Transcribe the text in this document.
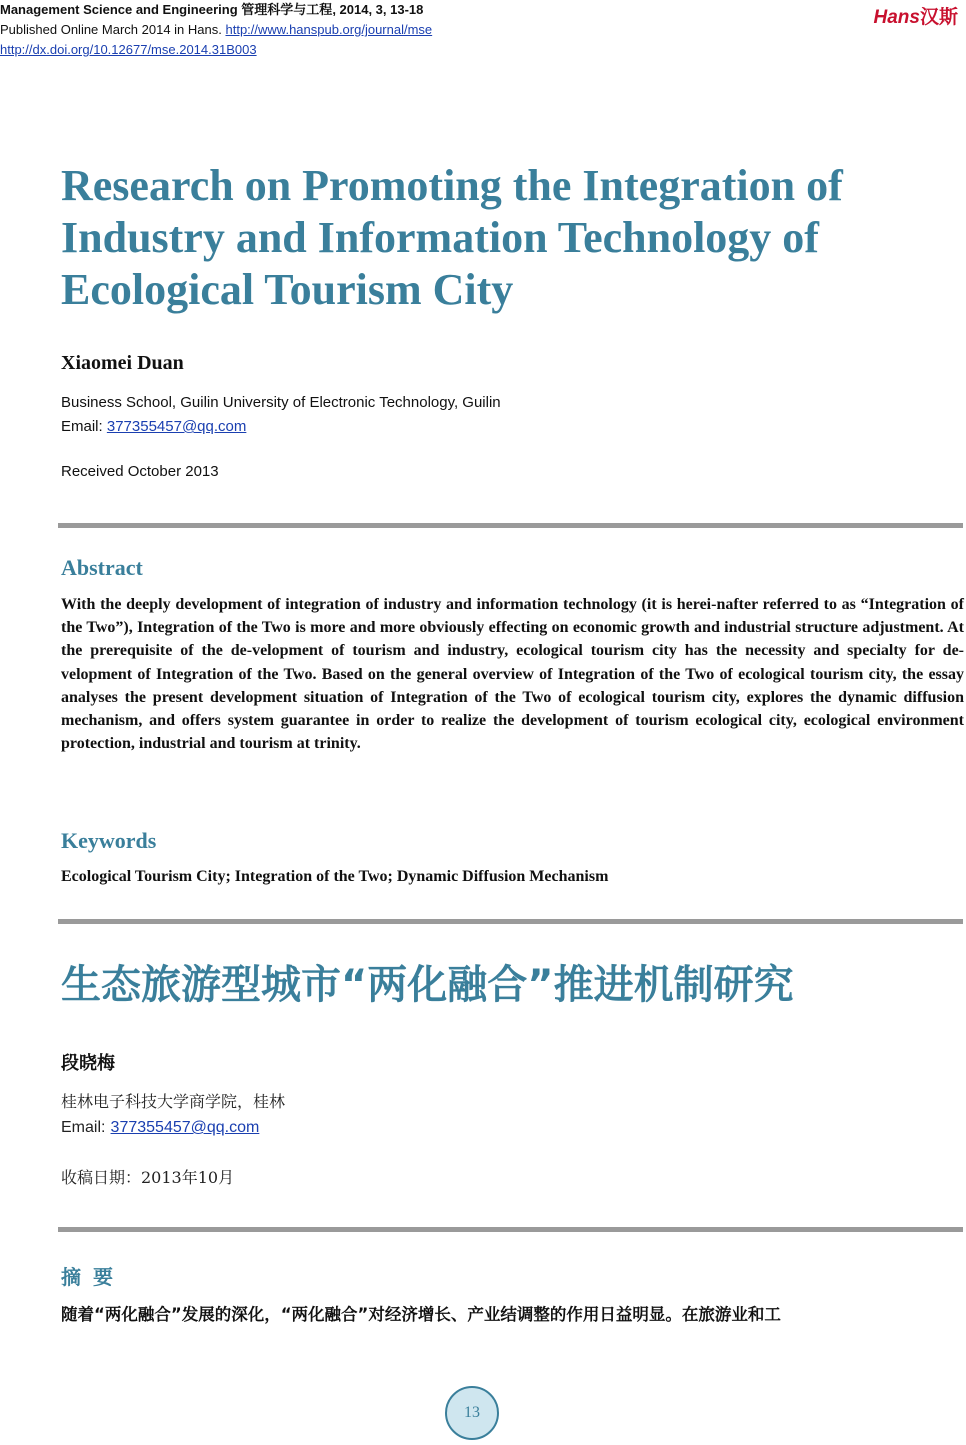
Management Science and Engineering 管理科学与工程, 2014, 3, 13-18
Published Online March 2014 in Hans. http://www.hanspub.org/journal/mse
http://dx.doi.org/10.12677/mse.2014.31B003
Hans汉斯
Research on Promoting the Integration of Industry and Information Technology of Ecological Tourism City
Xiaomei Duan
Business School, Guilin University of Electronic Technology, Guilin
Email: 377355457@qq.com
Received October 2013
Abstract

With the deeply development of integration of industry and information technology (it is herei-nafter referred to as “Integration of the Two”), Integration of the Two is more and more obviously effecting on economic growth and industrial structure adjustment. At the prerequisite of the de-velopment of tourism and industry, ecological tourism city has the necessity and specialty for de-velopment of Integration of the Two. Based on the general overview of Integration of the Two of ecological tourism city, the essay analyses the present development situation of Integration of the Two of ecological tourism city, explores the dynamic diffusion mechanism, and offers system guarantee in order to realize the development of tourism ecological city, ecological environment protection, industrial and tourism at trinity.

Keywords
Ecological Tourism City; Integration of the Two; Dynamic Diffusion Mechanism
生态旅游型城市“两化融合”推进机制研究
段晓梅
桂林电子科技大学商学院，桂林
Email: 377355457@qq.com
收稿日期：2013年10月
摘要
随着“两化融合”发展的深化，“两化融合”对经济增长、产业结调整的作用日益明显。在旅游业和工
13
